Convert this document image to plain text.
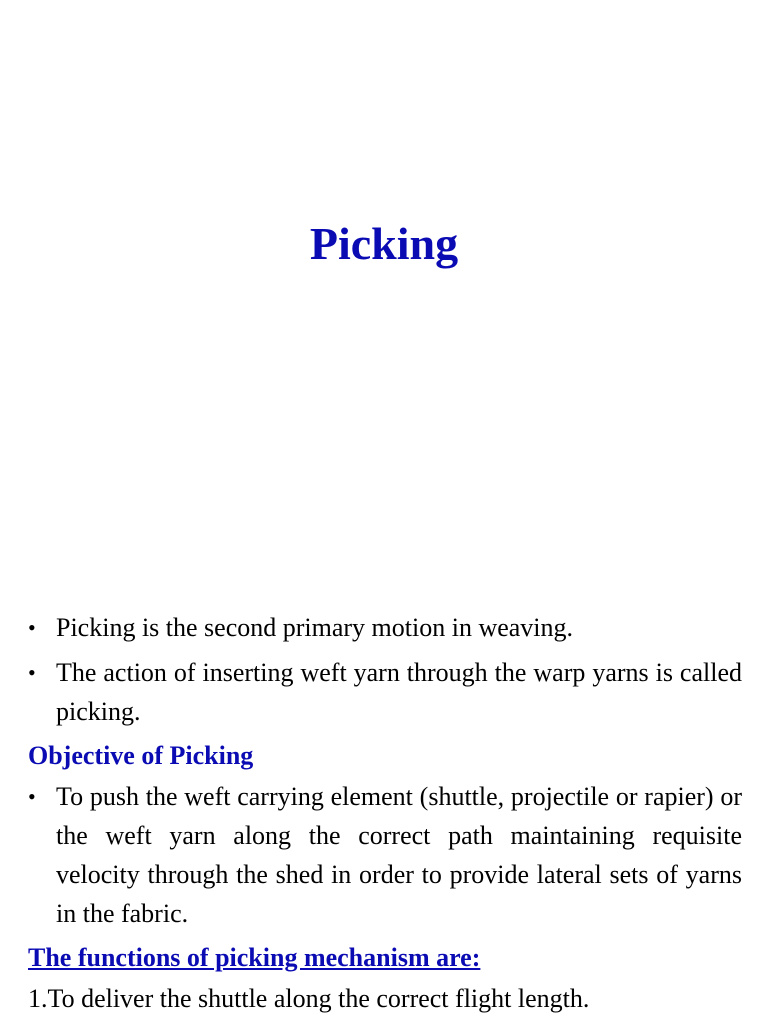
Picking
• Picking is the second primary motion in weaving.
• The action of inserting weft yarn through the warp yarns is called picking.
Objective of Picking
• To push the weft carrying element (shuttle, projectile or rapier) or the weft yarn along the correct path maintaining requisite velocity through the shed in order to provide lateral sets of yarns in the fabric.
The functions of picking mechanism are:
1.To deliver the shuttle along the correct flight length.
